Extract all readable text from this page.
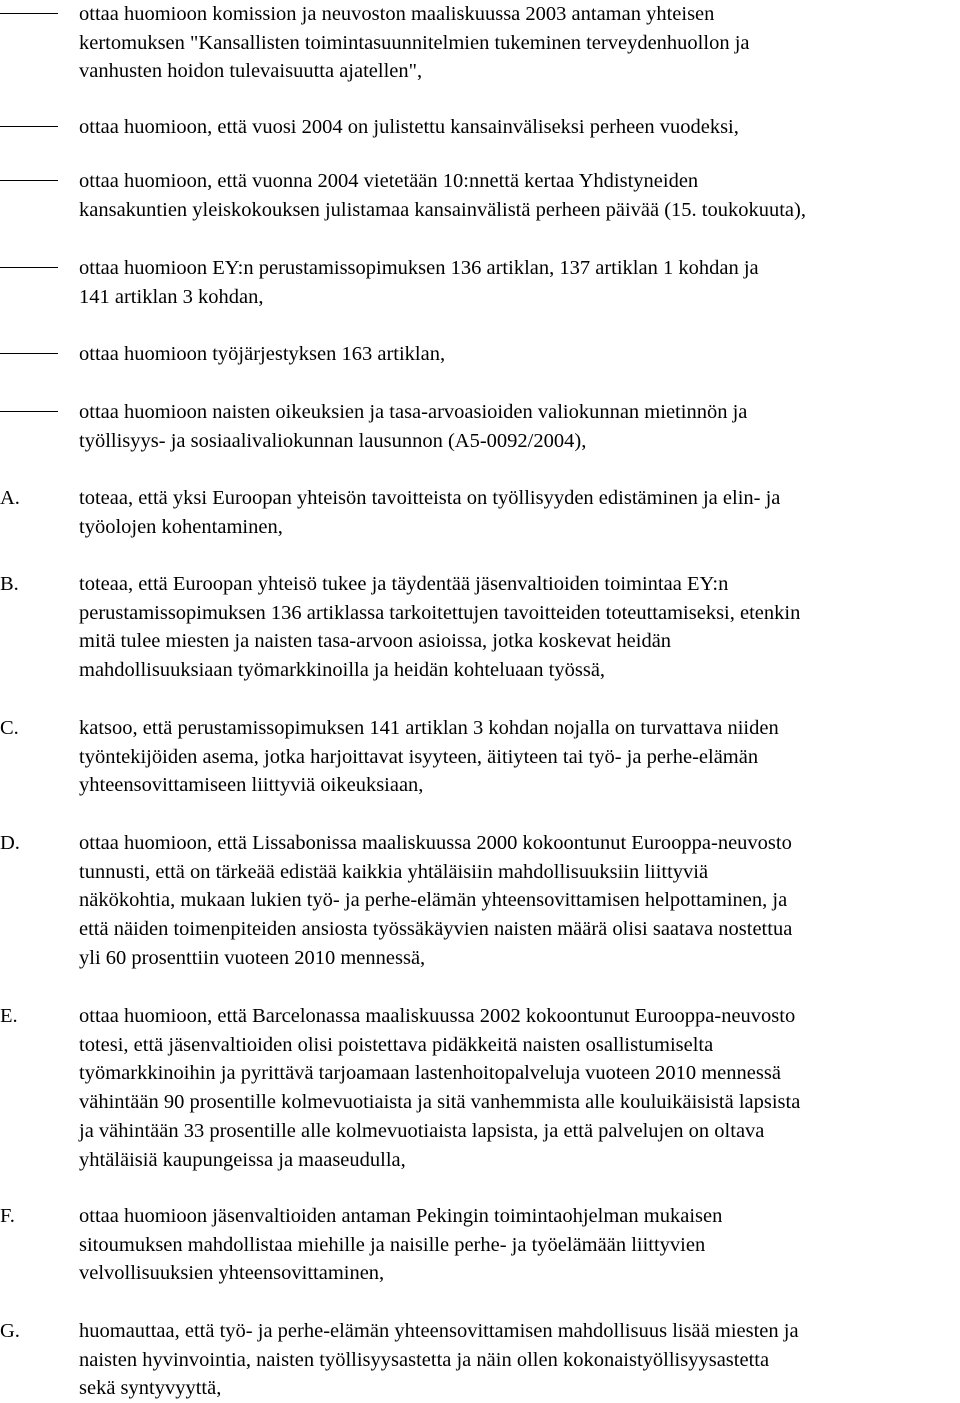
ottaa huomioon komission ja neuvoston maaliskuussa 2003 antaman yhteisen
kertomuksen "Kansallisten toimintasuunnitelmien tukeminen terveydenhuollon ja
vanhusten hoidon tulevaisuutta ajatellen",
ottaa huomioon, että vuosi 2004 on julistettu kansainväliseksi perheen vuodeksi,
ottaa huomioon, että vuonna 2004 vietetään 10:nnettä kertaa Yhdistyneiden
kansakuntien yleiskokouksen julistamaa kansainvälistä perheen päivää (15. toukokuuta),
ottaa huomioon EY:n perustamissopimuksen 136 artiklan, 137 artiklan 1 kohdan ja
141 artiklan 3 kohdan,
ottaa huomioon työjärjestyksen 163 artiklan,
ottaa huomioon naisten oikeuksien ja tasa-arvoasioiden valiokunnan mietinnön ja
työllisyys- ja sosiaalivaliokunnan lausunnon (A5-0092/2004),
A.	toteaa, että yksi Euroopan yhteisön tavoitteista on työllisyyden edistäminen ja elin- ja
työolojen kohentaminen,
B.	toteaa, että Euroopan yhteisö tukee ja täydentää jäsenvaltioiden toimintaa EY:n
perustamissopimuksen 136 artiklassa tarkoitettujen tavoitteiden toteuttamiseksi, etenkin
mitä tulee miesten ja naisten tasa-arvoon asioissa, jotka koskevat heidän
mahdollisuuksiaan työmarkkinoilla ja heidän kohteluaan työssä,
C.	katsoo, että perustamissopimuksen 141 artiklan 3 kohdan nojalla on turvattava niiden
työntekijöiden asema, jotka harjoittavat isyyteen, äitiyteen tai työ- ja perhe-elämän
yhteensovittamiseen liittyviä oikeuksiaan,
D.	ottaa huomioon, että Lissabonissa maaliskuussa 2000 kokoontunut Eurooppa-neuvosto
tunnusti, että on tärkeää edistää kaikkia yhtäläisiin mahdollisuuksiin liittyviä
näkökohtia, mukaan lukien työ- ja perhe-elämän yhteensovittamisen helpottaminen, ja
että näiden toimenpiteiden ansiosta työssäkäyvien naisten määrä olisi saatava nostettua
yli 60 prosenttiin vuoteen 2010 mennessä,
E.	ottaa huomioon, että Barcelonassa maaliskuussa 2002 kokoontunut Eurooppa-neuvosto
totesi, että jäsenvaltioiden olisi poistettava pidäkkeitä naisten osallistumiselta
työmarkkinoihin ja pyrittävä tarjoamaan lastenhoitopalveluja vuoteen 2010 mennessä
vähintään 90 prosentille kolmevuotiaista ja sitä vanhemmista alle kouluikäisistä lapsista
ja vähintään 33 prosentille alle kolmevuotiaista lapsista, ja että palvelujen on oltava
yhtäläisiä kaupungeissa ja maaseudulla,
F.	ottaa huomioon jäsenvaltioiden antaman Pekingin toimintaohjelman mukaisen
sitoumuksen mahdollistaa miehille ja naisille perhe- ja työelämään liittyvien
velvollisuuksien yhteensovittaminen,
G.	huomauttaa, että työ- ja perhe-elämän yhteensovittamisen mahdollisuus lisää miesten ja
naisten hyvinvointia, naisten työllisyysastetta ja näin ollen kokonaistyöllisyysastetta
sekä syntyvyyttä,
